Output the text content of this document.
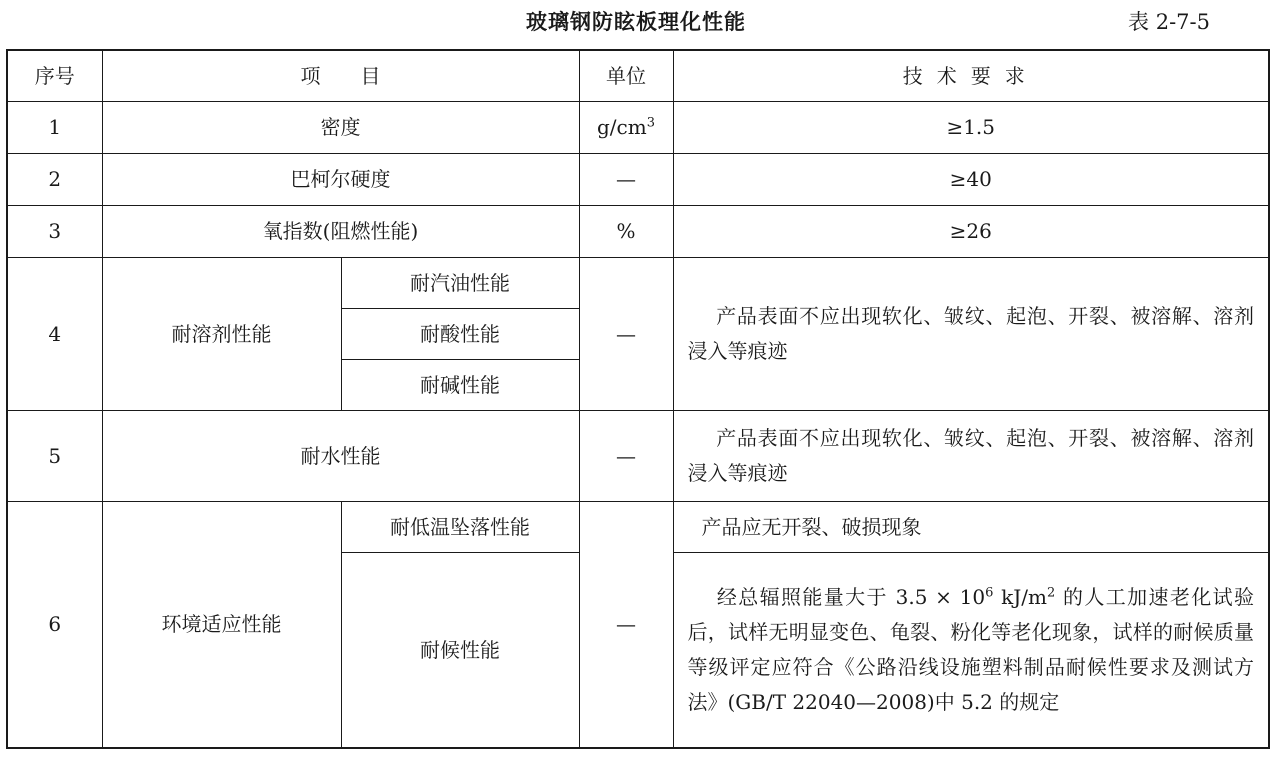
玻璃钢防眩板理化性能	表 2-7-5
序号	项　　目		单位	技术要求
1	密度		$g/cm^3$	≥1.5
2	巴柯尔硬度		—	≥40
3	氧指数(阻燃性能)		%	≥26
4	耐溶剂性能	耐汽油性能	—	产品表面不应出现软化、皱纹、起泡、开裂、被溶解、溶剂浸入等痕迹
		耐酸性能		
		耐碱性能		
5	耐水性能		—	产品表面不应出现软化、皱纹、起泡、开裂、被溶解、溶剂浸入等痕迹
6	环境适应性能	耐低温坠落性能	—	产品应无开裂、破损现象
		耐候性能		经总辐照能量大于 $3.5 \times 10^6$ $kJ/m^2$ 的人工加速老化试验后，试样无明显变色、龟裂、粉化等老化现象，试样的耐候质量等级评定应符合《公路沿线设施塑料制品耐候性要求及测试方法》(GB/T 22040—2008)中 5.2 的规定
